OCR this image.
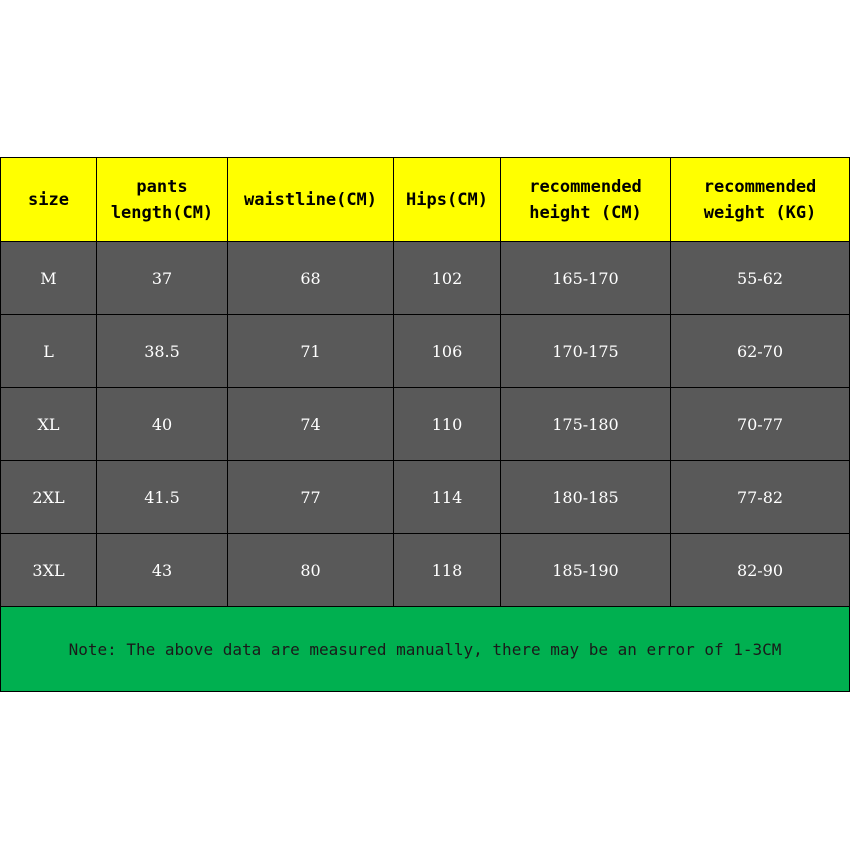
size	pants length(CM)	waistline(CM)	Hips(CM)	recommended height (CM)	recommended weight (KG)
M	37	68	102	165-170	55-62
L	38.5	71	106	170-175	62-70
XL	40	74	110	175-180	70-77
2XL	41.5	77	114	180-185	77-82
3XL	43	80	118	185-190	82-90
Note: The above data are measured manually, there may be an error of 1-3CM					
